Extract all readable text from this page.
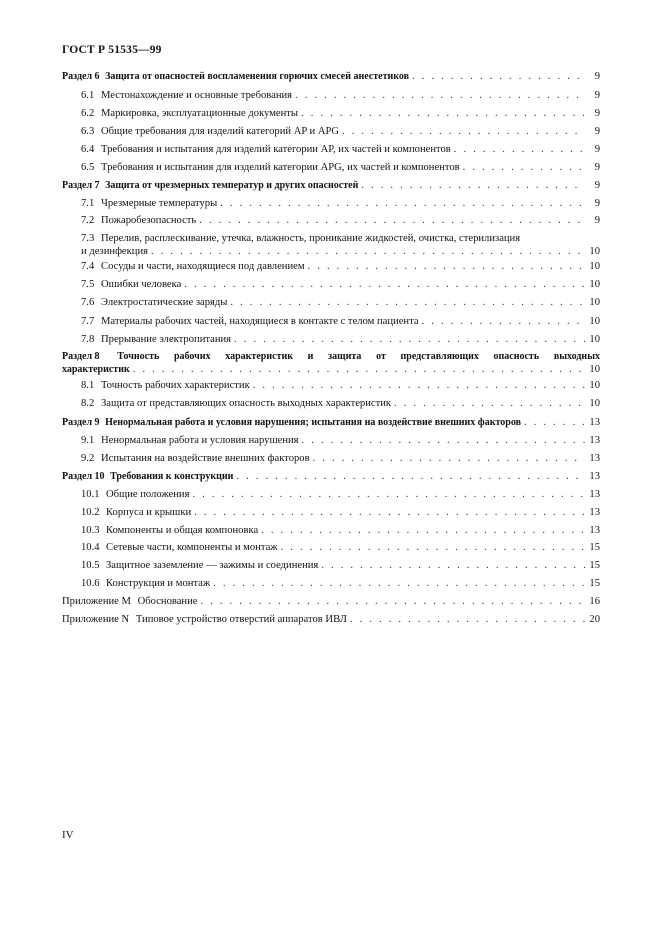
ГОСТ Р 51535—99
Раздел 6 Защита от опасностей воспламенения горючих смесей анестетиков . . .	9
6.1 Местонахождение и основные требования . . .	9
6.2 Маркировка, эксплуатационные документы . . .	9
6.3 Общие требования для изделий категорий AP и APG . . .	9
6.4 Требования и испытания для изделий категории AP, их частей и компонентов . . .	9
6.5 Требования и испытания для изделий категории APG, их частей и компонентов . . .	9
Раздел 7 Защита от чрезмерных температур и других опасностей . . .	9
7.1 Чрезмерные температуры . . .	9
7.2 Пожаробезопасность . . .	9
7.3 Перелив, расплескивание, утечка, влажность, проникание жидкостей, очистка, стерилизация
и дезинфекция . . .	10
7.4 Сосуды и части, находящиеся под давлением . . .	10
7.5 Ошибки человека . . .	10
7.6 Электростатические заряды . . .	10
7.7 Материалы рабочих частей, находящиеся в контакте с телом пациента . . .	10
7.8 Прерывание электропитания . . .	10
Раздел 8 Точность рабочих характеристик и защита от представляющих опасность выходных
характеристик . . .	10
8.1 Точность рабочих характеристик . . .	10
8.2 Защита от представляющих опасность выходных характеристик . . .	10
Раздел 9 Ненормальная работа и условия нарушения; испытания на воздействие внешних факторов . . .	13
9.1 Ненормальная работа и условия нарушения . . .	13
9.2 Испытания на воздействие внешних факторов . . .	13
Раздел 10 Требования к конструкции . . .	13
10.1 Общие положения . . .	13
10.2 Корпуса и крышки . . .	13
10.3 Компоненты и общая компоновка . . .	13
10.4 Сетевые части, компоненты и монтаж . . .	15
10.5 Защитное заземление — зажимы и соединения . . .	15
10.6 Конструкция и монтаж . . .	15
Приложение М Обоснование . . .	16
Приложение N Типовое устройство отверстий аппаратов ИВЛ . . .	20
IV
